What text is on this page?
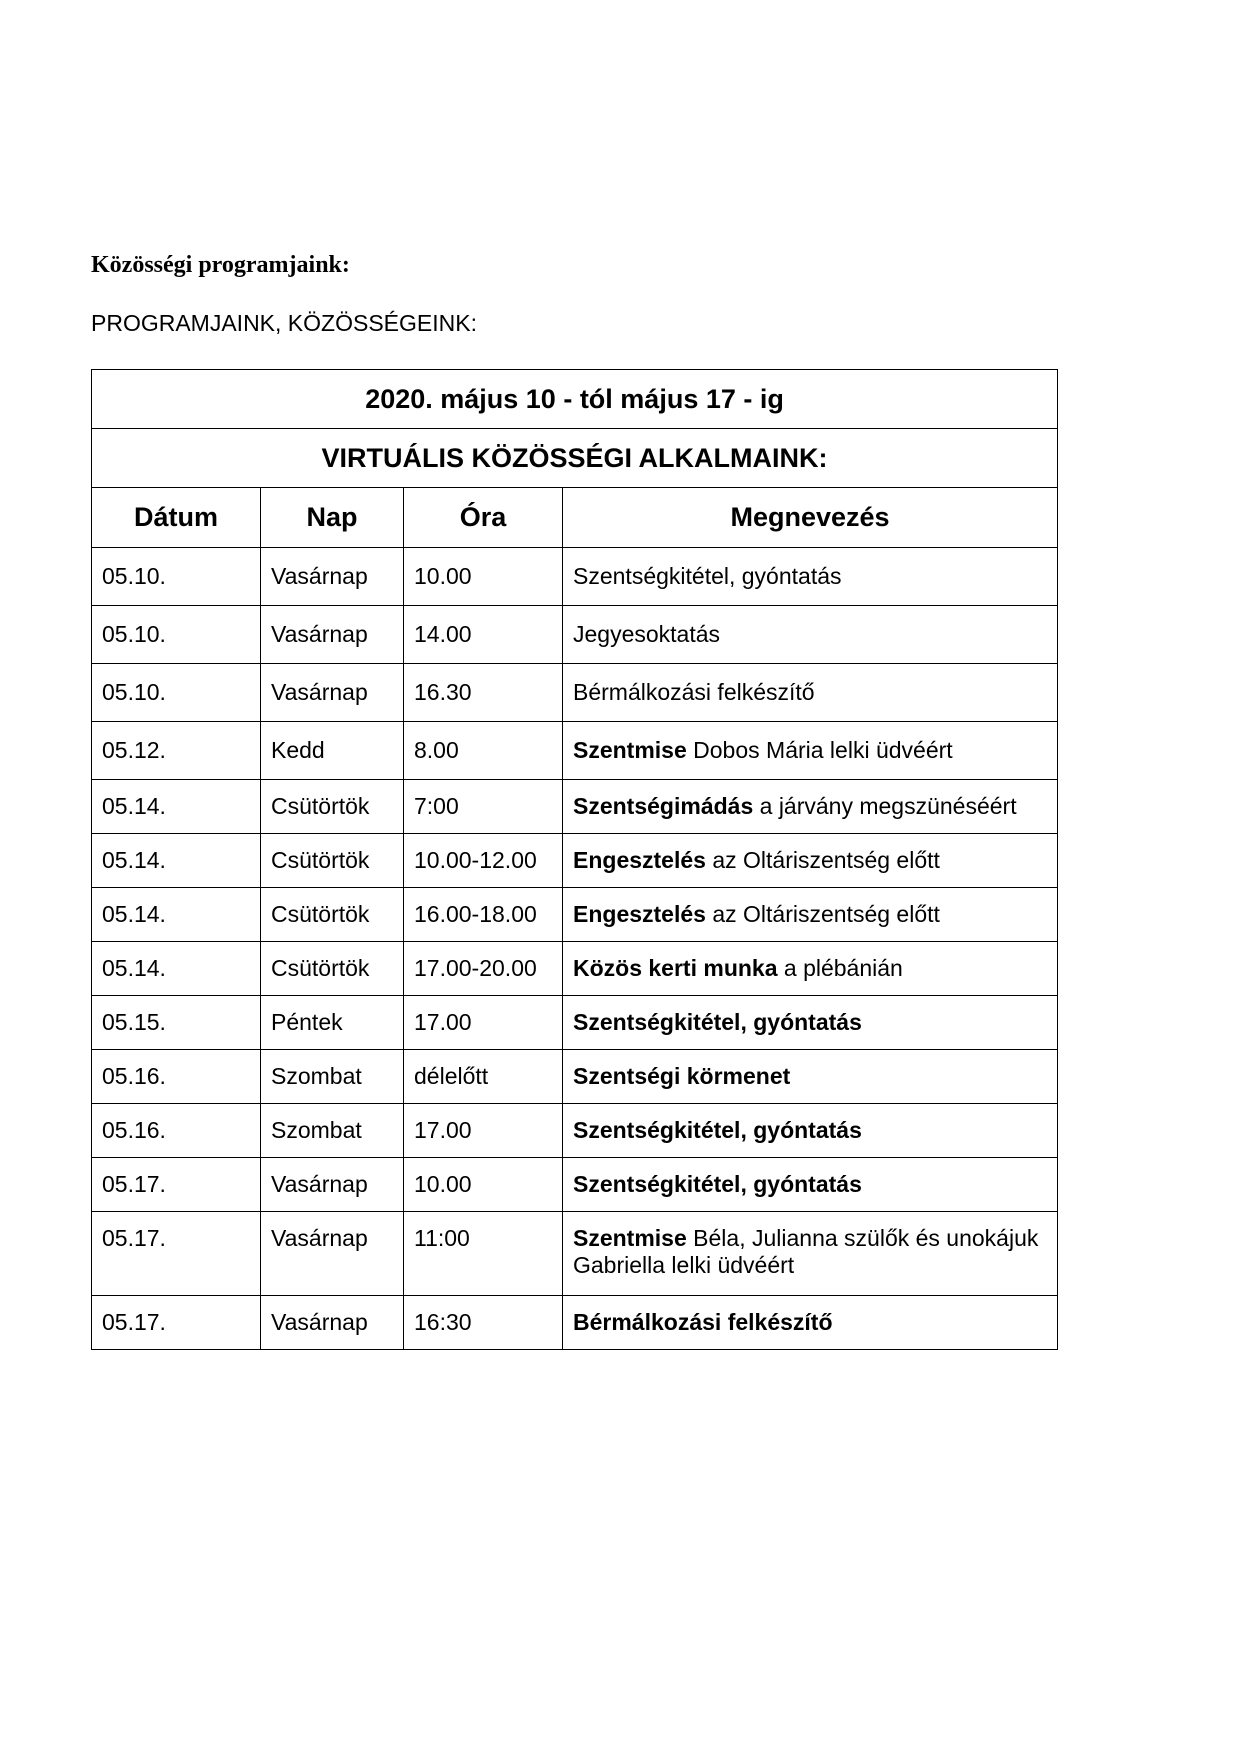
Közösségi programjaink:

PROGRAMJAINK, KÖZÖSSÉGEINK:

2020. május 10 - tól május 17 - ig			
VIRTUÁLIS KÖZÖSSÉGI ALKALMAINK:			
Dátum	Nap	Óra	Megnevezés
05.10.	Vasárnap	10.00	Szentségkitétel, gyóntatás
05.10.	Vasárnap	14.00	Jegyesoktatás
05.10.	Vasárnap	16.30	Bérmálkozási felkészítő
05.12.	Kedd	8.00	Szentmise Dobos Mária lelki üdvéért
05.14.	Csütörtök	7:00	Szentségimádás a járvány megszünéséért
05.14.	Csütörtök	10.00-12.00	Engesztelés az Oltáriszentség előtt
05.14.	Csütörtök	16.00-18.00	Engesztelés az Oltáriszentség előtt
05.14.	Csütörtök	17.00-20.00	Közös kerti munka a plébánián
05.15.	Péntek	17.00	Szentségkitétel, gyóntatás
05.16.	Szombat	délelőtt	Szentségi körmenet
05.16.	Szombat	17.00	Szentségkitétel, gyóntatás
05.17.	Vasárnap	10.00	Szentségkitétel, gyóntatás
05.17.	Vasárnap	11:00	Szentmise Béla, Julianna szülők és unokájuk Gabriella lelki üdvéért
05.17.	Vasárnap	16:30	Bérmálkozási felkészítő
